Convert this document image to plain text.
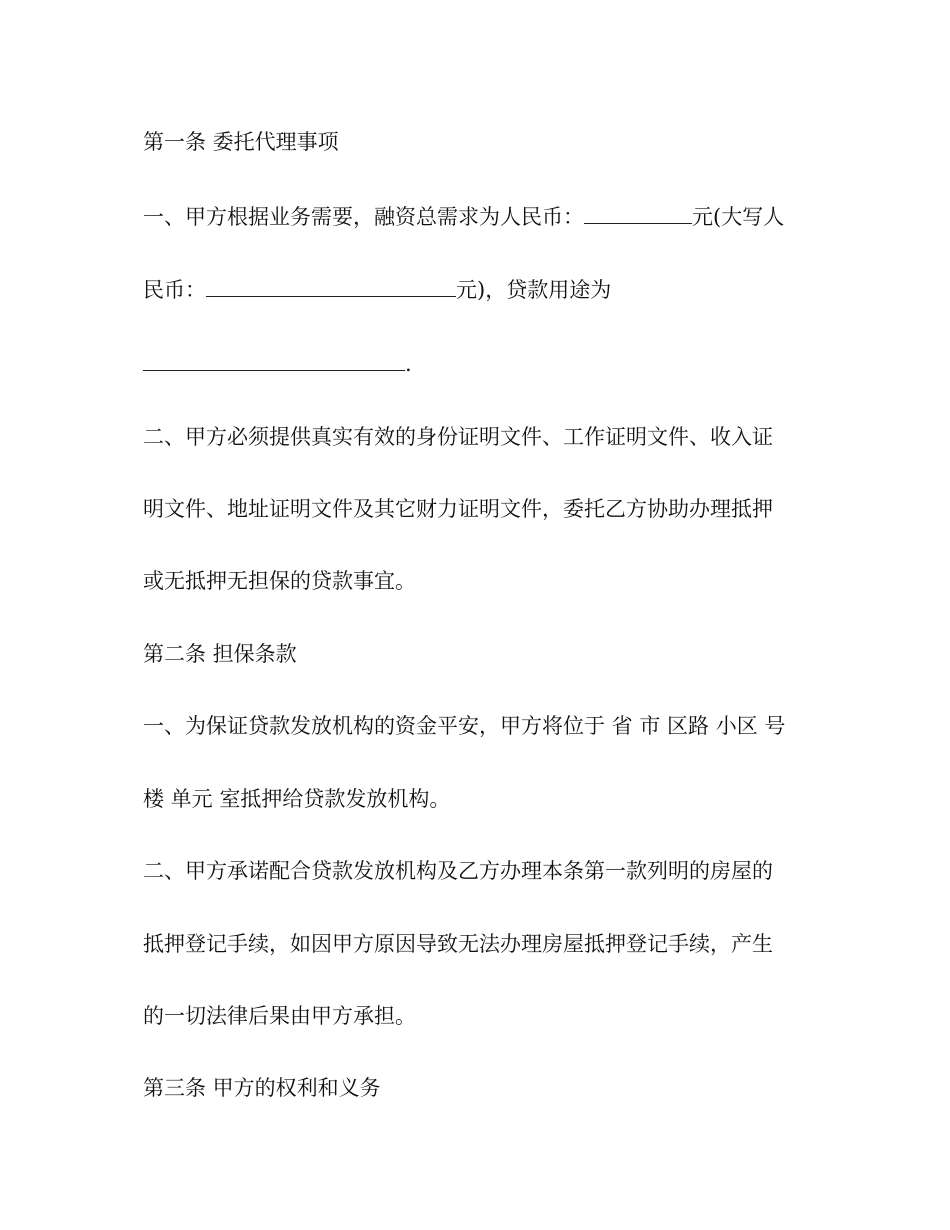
第一条 委托代理事项
一、甲方根据业务需要，融资总需求为人民币：	元(大写人
民币：	元)，贷款用途为
.
二、甲方必须提供真实有效的身份证明文件、工作证明文件、收入证
明文件、地址证明文件及其它财力证明文件，委托乙方协助办理抵押
或无抵押无担保的贷款事宜。
第二条 担保条款
一、为保证贷款发放机构的资金平安，甲方将位于 省 市 区路 小区 号
楼 单元 室抵押给贷款发放机构。
二、甲方承诺配合贷款发放机构及乙方办理本条第一款列明的房屋的
抵押登记手续，如因甲方原因导致无法办理房屋抵押登记手续，产生
的一切法律后果由甲方承担。
第三条 甲方的权利和义务
